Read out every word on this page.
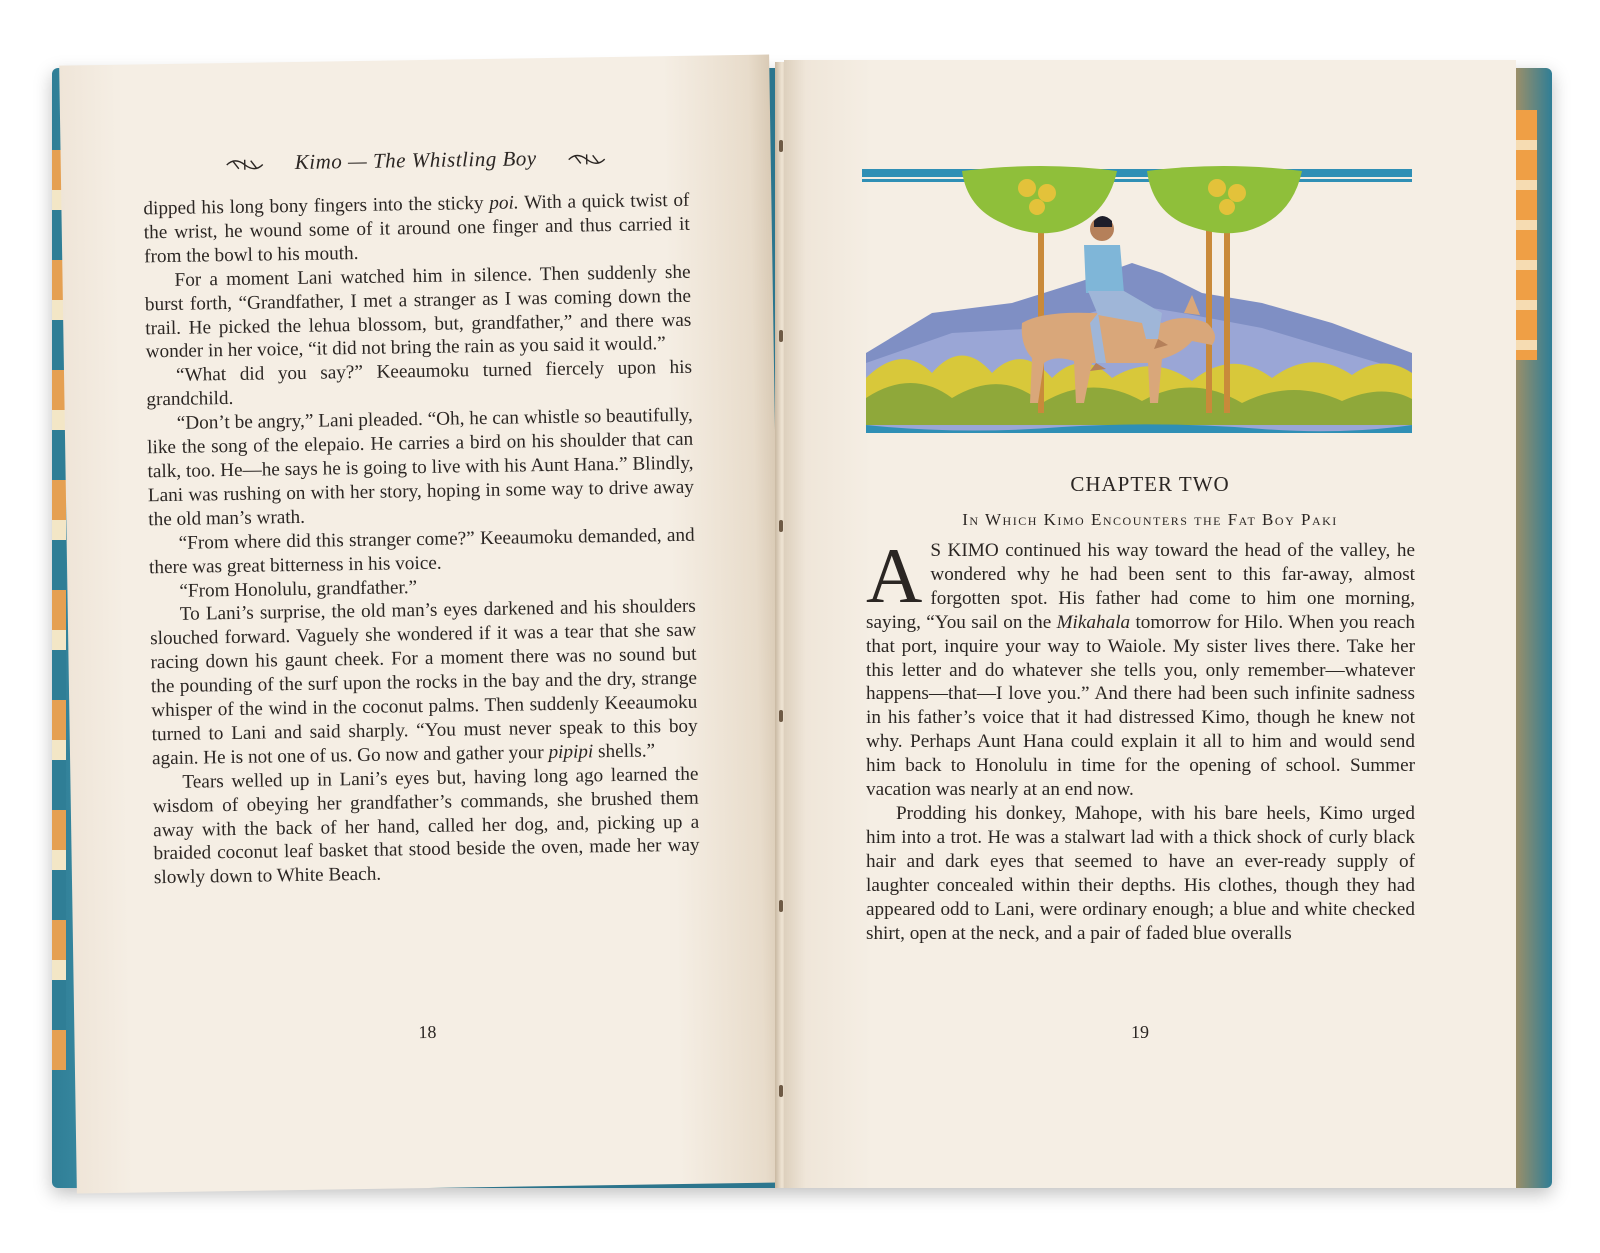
Kimo — The Whistling Boy

dipped his long bony fingers into the sticky poi. With a quick twist of the wrist, he wound some of it around one finger and thus carried it from the bowl to his mouth.

For a moment Lani watched him in silence. Then suddenly she burst forth, “Grandfather, I met a stranger as I was coming down the trail. He picked the lehua blossom, but, grandfather,” and there was wonder in her voice, “it did not bring the rain as you said it would.”

“What did you say?” Keeaumoku turned fiercely upon his grandchild.

“Don’t be angry,” Lani pleaded. “Oh, he can whistle so beautifully, like the song of the elepaio. He carries a bird on his shoulder that can talk, too. He—he says he is going to live with his Aunt Hana.” Blindly, Lani was rushing on with her story, hoping in some way to drive away the old man’s wrath.

“From where did this stranger come?” Keeaumoku demanded, and there was great bitterness in his voice.

“From Honolulu, grandfather.”

To Lani’s surprise, the old man’s eyes darkened and his shoulders slouched forward. Vaguely she wondered if it was a tear that she saw racing down his gaunt cheek. For a moment there was no sound but the pounding of the surf upon the rocks in the bay and the dry, strange whisper of the wind in the coconut palms. Then suddenly Keeaumoku turned to Lani and said sharply. “You must never speak to this boy again. He is not one of us. Go now and gather your pipipi shells.”

Tears welled up in Lani’s eyes but, having long ago learned the wisdom of obeying her grandfather’s commands, she brushed them away with the back of her hand, called her dog, and, picking up a braided coconut leaf basket that stood beside the oven, made her way slowly down to White Beach.

18
CHAPTER TWO
In Which Kimo Encounters the Fat Boy Paki

A S KIMO continued his way toward the head of the valley, he wondered why he had been sent to this far-away, almost forgotten spot. His father had come to him one morning, saying, “You sail on the Mikahala tomorrow for Hilo. When you reach that port, inquire your way to Waiole. My sister lives there. Take her this letter and do whatever she tells you, only remember—whatever happens—that—I love you.” And there had been such infinite sadness in his father’s voice that it had distressed Kimo, though he knew not why. Perhaps Aunt Hana could explain it all to him and would send him back to Honolulu in time for the opening of school. Summer vacation was nearly at an end now.

Prodding his donkey, Mahope, with his bare heels, Kimo urged him into a trot. He was a stalwart lad with a thick shock of curly black hair and dark eyes that seemed to have an ever-ready supply of laughter concealed within their depths. His clothes, though they had appeared odd to Lani, were ordinary enough; a blue and white checked shirt, open at the neck, and a pair of faded blue overalls

19
